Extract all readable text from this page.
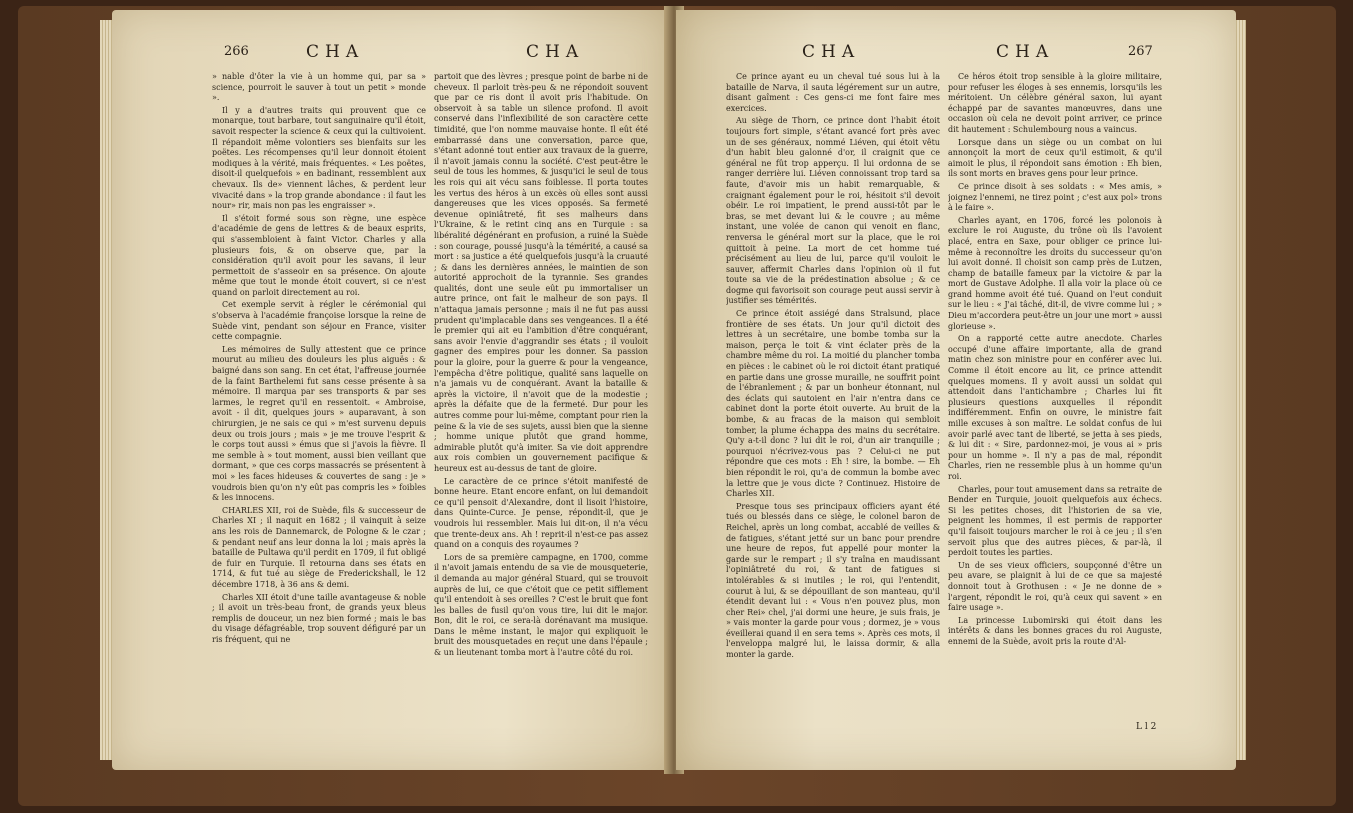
266	CHA	CHA

» nable d'ôter la vie à un homme qui, par sa » science, pourroit le sauver à tout un petit » monde ».

Il y a d'autres traits qui prouvent que ce monarque, tout barbare, tout sanguinaire qu'il étoit, savoit respecter la science & ceux qui la cultivoient. Il répandoit même volontiers ses bienfaits sur les poëtes. Les récompenses qu'il leur donnoit étoient modiques à la vérité, mais fréquentes. « Les poëtes, disoit-il quelquefois » en badinant, ressemblent aux chevaux. Ils de» viennent lâches, & perdent leur vivacité dans » la trop grande abondance : il faut les nour» rir, mais non pas les engraisser ».

Il s'étoit formé sous son règne, une espèce d'académie de gens de lettres & de beaux esprits, qui s'assembloient à faint Victor. Charles y alla plusieurs fois, & on observe que, par la considération qu'il avoit pour les savans, il leur permettoit de s'asseoir en sa présence. On ajoute même que tout le monde étoit couvert, si ce n'est quand on parloit directement au roi.

Cet exemple servit à régler le cérémonial qui s'observa à l'académie françoise lorsque la reine de Suède vint, pendant son séjour en France, visiter cette compagnie.

Les mémoires de Sully attestent que ce prince mourut au milieu des douleurs les plus aiguës : & baigné dans son sang. En cet état, l'affreuse journée de la faint Barthelemi fut sans cesse présente à sa mémoire. Il marqua par ses transports & par ses larmes, le regret qu'il en ressentoit. « Ambroise, avoit - il dit, quelques jours » auparavant, à son chirurgien, je ne sais ce qui » m'est survenu depuis deux ou trois jours ; mais » je me trouve l'esprit & le corps tout aussi » émus que si j'avois la fièvre. Il me semble à » tout moment, aussi bien veillant que dormant, » que ces corps massacrés se présentent à moi » les faces hideuses & couvertes de sang : je » voudrois bien qu'on n'y eût pas compris les » foibles & les innocens.

CHARLES XII, roi de Suède, fils & successeur de Charles XI ; il naquit en 1682 ; il vainquit à seize ans les rois de Dannemarck, de Pologne & le czar ; & pendant neuf ans leur donna la loi ; mais après la bataille de Pultawa qu'il perdit en 1709, il fut obligé de fuir en Turquie. Il retourna dans ses états en 1714, & fut tué au siège de Frederickshall, le 12 décembre 1718, à 36 ans & demi.

Charles XII étoit d'une taille avantageuse & noble ; il avoit un très-beau front, de grands yeux bleus remplis de douceur, un nez bien formé ; mais le bas du visage défagréable, trop souvent défiguré par un ris fréquent, qui ne

partoit que des lèvres ; presque point de barbe ni de cheveux. Il parloit très-peu & ne répondoit souvent que par ce ris dont il avoit pris l'habitude. On observoit à sa table un silence profond. Il avoit conservé dans l'inflexibilité de son caractère cette timidité, que l'on nomme mauvaise honte. Il eût été embarrassé dans une conversation, parce que, s'étant adonné tout entier aux travaux de la guerre, il n'avoit jamais connu la société. C'est peut-être le seul de tous les hommes, & jusqu'ici le seul de tous les rois qui ait vécu sans foiblesse. Il porta toutes les vertus des héros à un excès où elles sont aussi dangereuses que les vices opposés. Sa fermeté devenue opiniâtreté, fit ses malheurs dans l'Ukraine, & le retint cinq ans en Turquie : sa libéralité dégénérant en profusion, a ruiné la Suède : son courage, poussé jusqu'à la témérité, a causé sa mort : sa justice a été quelquefois jusqu'à la cruauté ; & dans les dernières années, le maintien de son autorité approchoit de la tyrannie. Ses grandes qualités, dont une seule eût pu immortaliser un autre prince, ont fait le malheur de son pays. Il n'attaqua jamais personne ; mais il ne fut pas aussi prudent qu'implacable dans ses vengeances. Il a été le premier qui ait eu l'ambition d'être conquérant, sans avoir l'envie d'aggrandir ses états ; il vouloit gagner des empires pour les donner. Sa passion pour la gloire, pour la guerre & pour la vengeance, l'empêcha d'être politique, qualité sans laquelle on n'a jamais vu de conquérant. Avant la bataille & après la victoire, il n'avoit que de la modestie ; après la défaite que de la fermeté. Dur pour les autres comme pour lui-même, comptant pour rien la peine & la vie de ses sujets, aussi bien que la sienne ; homme unique plutôt que grand homme, admirable plutôt qu'à imiter. Sa vie doit apprendre aux rois combien un gouvernement pacifique & heureux est au-dessus de tant de gloire.

Le caractère de ce prince s'étoit manifesté de bonne heure. Etant encore enfant, on lui demandoit ce qu'il pensoit d'Alexandre, dont il lisoit l'histoire, dans Quinte-Curce. Je pense, répondit-il, que je voudrois lui ressembler. Mais lui dit-on, il n'a vécu que trente-deux ans. Ah ! reprit-il n'est-ce pas assez quand on a conquis des royaumes ?

Lors de sa première campagne, en 1700, comme il n'avoit jamais entendu de sa vie de mousqueterie, il demanda au major général Stuard, qui se trouvoit auprès de lui, ce que c'étoit que ce petit sifflement qu'il entendoit à ses oreilles ? C'est le bruit que font les balles de fusil qu'on vous tire, lui dit le major. Bon, dit le roi, ce sera-là dorénavant ma musique. Dans le même instant, le major qui expliquoit le bruit des mousquetades en reçut une dans l'épaule ; & un lieutenant tomba mort à l'autre côté du roi.

CHA	CHA	267

Ce prince ayant eu un cheval tué sous lui à la bataille de Narva, il sauta légérement sur un autre, disant gaîment : Ces gens-ci me font faire mes exercices.

Au siège de Thorn, ce prince dont l'habit étoit toujours fort simple, s'étant avancé fort près avec un de ses généraux, nommé Liéven, qui étoit vêtu d'un habit bleu galonné d'or, il craignit que ce général ne fût trop apperçu. Il lui ordonna de se ranger derrière lui. Liéven connoissant trop tard sa faute, d'avoir mis un habit remarquable, & craignant également pour le roi, hésitoit s'il devoit obéir. Le roi impatient, le prend aussi-tôt par le bras, se met devant lui & le couvre ; au même instant, une volée de canon qui venoit en flanc, renversa le général mort sur la place, que le roi quittoit à peine. La mort de cet homme tué précisément au lieu de lui, parce qu'il vouloit le sauver, affermit Charles dans l'opinion où il fut toute sa vie de la prédestination absolue ; & ce dogme qui favorisoit son courage peut aussi servir à justifier ses témérités.

Ce prince étoit assiégé dans Stralsund, place frontière de ses états. Un jour qu'il dictoit des lettres à un secrétaire, une bombe tomba sur la maison, perça le toit & vint éclater près de la chambre même du roi. La moitié du plancher tomba en pièces : le cabinet où le roi dictoit étant pratiqué en partie dans une grosse muraille, ne souffrit point de l'ébranlement ; & par un bonheur étonnant, nul des éclats qui sautoient en l'air n'entra dans ce cabinet dont la porte étoit ouverte. Au bruit de la bombe, & au fracas de la maison qui sembloit tomber, la plume échappa des mains du secrétaire. Qu'y a-t-il donc ? lui dit le roi, d'un air tranquille ; pourquoi n'écrivez-vous pas ? Celui-ci ne put répondre que ces mots : Eh ! sire, la bombe. — Eh bien répondit le roi, qu'a de commun la bombe avec la lettre que je vous dicte ? Continuez. Histoire de Charles XII.

Presque tous ses principaux officiers ayant été tués ou blessés dans ce siège, le colonel baron de Reichel, après un long combat, accablé de veilles & de fatigues, s'étant jetté sur un banc pour prendre une heure de repos, fut appellé pour monter la garde sur le rempart ; il s'y traîna en maudissant l'opiniâtreté du roi, & tant de fatigues si intolérables & si inutiles ; le roi, qui l'entendit, courut à lui, & se dépouillant de son manteau, qu'il étendit devant lui : « Vous n'en pouvez plus, mon cher Rei» chel, j'ai dormi une heure, je suis frais, je » vais monter la garde pour vous ; dormez, je » vous éveillerai quand il en sera tems ». Après ces mots, il l'enveloppa malgré lui, le laissa dormir, & alla monter la garde.

Ce héros étoit trop sensible à la gloire militaire, pour refuser les éloges à ses ennemis, lorsqu'ils les méritoient. Un célèbre général saxon, lui ayant échappé par de savantes manœuvres, dans une occasion où cela ne devoit point arriver, ce prince dit hautement : Schulembourg nous a vaincus.

Lorsque dans un siège ou un combat on lui annonçoit la mort de ceux qu'il estimoit, & qu'il aimoit le plus, il répondoit sans émotion : Eh bien, ils sont morts en braves gens pour leur prince.

Ce prince disoit à ses soldats : « Mes amis, » joignez l'ennemi, ne tirez point ; c'est aux pol» trons à le faire ».

Charles ayant, en 1706, forcé les polonois à exclure le roi Auguste, du trône où ils l'avoient placé, entra en Saxe, pour obliger ce prince lui-même à reconnoître les droits du successeur qu'on lui avoit donné. Il choisit son camp près de Lutzen, champ de bataille fameux par la victoire & par la mort de Gustave Adolphe. Il alla voir la place où ce grand homme avoit été tué. Quand on l'eut conduit sur le lieu : « J'ai tâché, dit-il, de vivre comme lui ; » Dieu m'accordera peut-être un jour une mort » aussi glorieuse ».

On a rapporté cette autre anecdote. Charles occupé d'une affaire importante, alla de grand matin chez son ministre pour en conférer avec lui. Comme il étoit encore au lit, ce prince attendit quelques momens. Il y avoit aussi un soldat qui attendoit dans l'antichambre ; Charles lui fit plusieurs questions auxquelles il répondit indifféremment. Enfin on ouvre, le ministre fait mille excuses à son maître. Le soldat confus de lui avoir parlé avec tant de liberté, se jetta à ses pieds, & lui dit : « Sire, pardonnez-moi, je vous ai » pris pour un homme ». Il n'y a pas de mal, répondit Charles, rien ne ressemble plus à un homme qu'un roi.

Charles, pour tout amusement dans sa retraite de Bender en Turquie, jouoit quelquefois aux échecs. Si les petites choses, dit l'historien de sa vie, peignent les hommes, il est permis de rapporter qu'il faisoit toujours marcher le roi à ce jeu ; il s'en servoit plus que des autres pièces, & par-là, il perdoit toutes les parties.

Un de ses vieux officiers, soupçonné d'être un peu avare, se plaignit à lui de ce que sa majesté donnoit tout à Grothusen : « Je ne donne de » l'argent, répondit le roi, qu'à ceux qui savent » en faire usage ».

La princesse Lubomirski qui étoit dans les intérêts & dans les bonnes graces du roi Auguste, ennemi de la Suède, avoit pris la route d'Al-

L l 2
